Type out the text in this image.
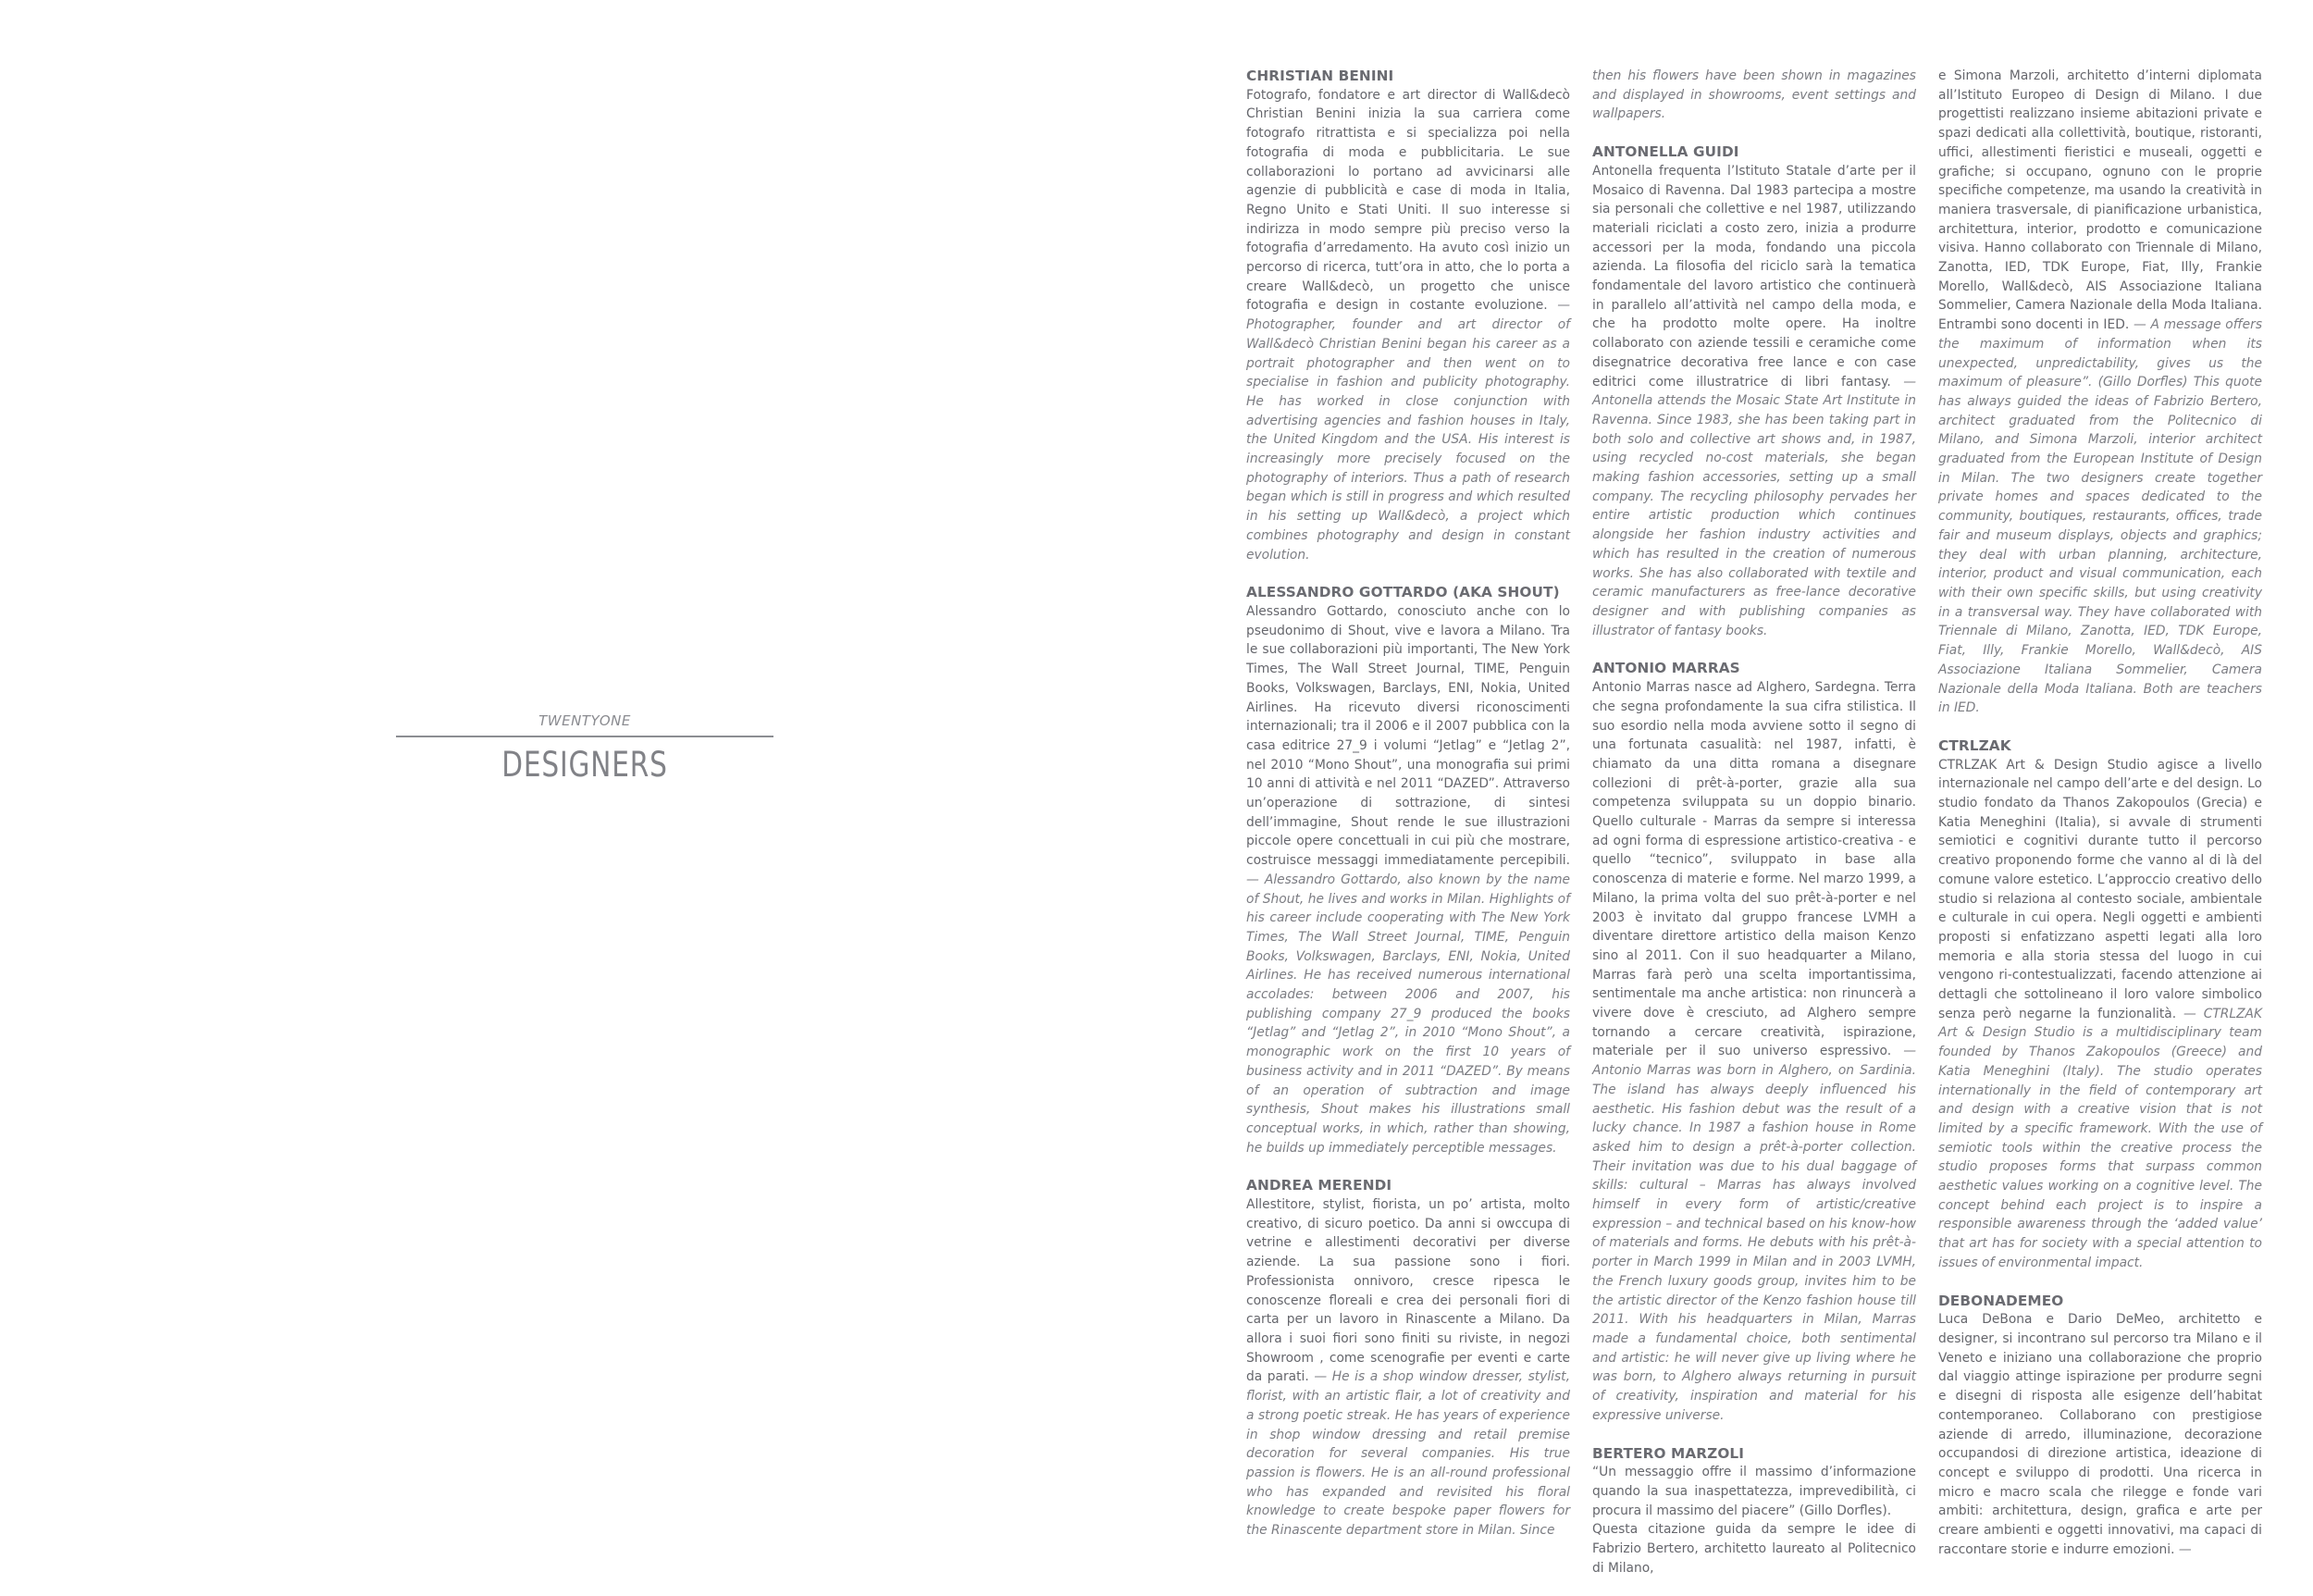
TWENTYONE
DESIGNERS
CHRISTIAN BENINI

Fotografo, fondatore e art director di Wall&decò Christian Benini inizia la sua carriera come fotografo ritrattista e si specializza poi nella fotografia di moda e pubblicitaria. Le sue collaborazioni lo portano ad avvicinarsi alle agenzie di pubblicità e case di moda in Italia, Regno Unito e Stati Uniti. Il suo interesse si indirizza in modo sempre più preciso verso la fotografia d’arredamento. Ha avuto così inizio un percorso di ricerca, tutt’ora in atto, che lo porta a creare Wall&decò, un progetto che unisce fotografia e design in costante evoluzione. — Photographer, founder and art director of Wall&decò Christian Benini began his career as a portrait photographer and then went on to specialise in fashion and publicity photography. He has worked in close conjunction with advertising agencies and fashion houses in Italy, the United Kingdom and the USA. His interest is increasingly more precisely focused on the photography of interiors. Thus a path of research began which is still in progress and which resulted in his setting up Wall&decò, a project which combines photography and design in constant evolution.

ALESSANDRO GOTTARDO (AKA SHOUT)

Alessandro Gottardo, conosciuto anche con lo pseudonimo di Shout, vive e lavora a Milano. Tra le sue collaborazioni più importanti, The New York Times, The Wall Street Journal, TIME, Penguin Books, Volkswagen, Barclays, ENI, Nokia, United Airlines. Ha ricevuto diversi riconoscimenti internazionali; tra il 2006 e il 2007 pubblica con la casa editrice 27_9 i volumi “Jetlag” e “Jetlag 2”, nel 2010 “Mono Shout”, una monografia sui primi 10 anni di attività e nel 2011 “DAZED”. Attraverso un’operazione di sottrazione, di sintesi dell’immagine, Shout rende le sue illustrazioni piccole opere concettuali in cui più che mostrare, costruisce messaggi immediatamente percepibili. — Alessandro Gottardo, also known by the name of Shout, he lives and works in Milan. Highlights of his career include cooperating with The New York Times, The Wall Street Journal, TIME, Penguin Books, Volkswagen, Barclays, ENI, Nokia, United Airlines. He has received numerous international accolades: between 2006 and 2007, his publishing company 27_9 produced the books “Jetlag” and “Jetlag 2”, in 2010 “Mono Shout”, a monographic work on the first 10 years of business activity and in 2011 “DAZED”. By means of an operation of subtraction and image synthesis, Shout makes his illustrations small conceptual works, in which, rather than showing, he builds up immediately perceptible messages.

ANDREA MERENDI

Allestitore, stylist, fiorista, un po’ artista, molto creativo, di sicuro poetico. Da anni si owccupa di vetrine e allestimenti decorativi per diverse aziende. La sua passione sono i fiori. Professionista onnivoro, cresce ripesca le conoscenze floreali e crea dei personali fiori di carta per un lavoro in Rinascente a Milano. Da allora i suoi fiori sono finiti su riviste, in negozi Showroom , come scenografie per eventi e carte da parati. — He is a shop window dresser, stylist, florist, with an artistic flair, a lot of creativity and a strong poetic streak. He has years of experience in shop window dressing and retail premise decoration for several companies. His true passion is flowers. He is an all-round professional who has expanded and revisited his floral knowledge to create bespoke paper flowers for the Rinascente department store in Milan. Since

then his flowers have been shown in magazines and displayed in showrooms, event settings and wallpapers.

ANTONELLA GUIDI

Antonella frequenta l’Istituto Statale d’arte per il Mosaico di Ravenna. Dal 1983 partecipa a mostre sia personali che collettive e nel 1987, utilizzando materiali riciclati a costo zero, inizia a produrre accessori per la moda, fondando una piccola azienda. La filosofia del riciclo sarà la tematica fondamentale del lavoro artistico che continuerà in parallelo all’attività nel campo della moda, e che ha prodotto molte opere. Ha inoltre collaborato con aziende tessili e ceramiche come disegnatrice decorativa free lance e con case editrici come illustratrice di libri fantasy. — Antonella attends the Mosaic State Art Institute in Ravenna. Since 1983, she has been taking part in both solo and collective art shows and, in 1987, using recycled no-cost materials, she began making fashion accessories, setting up a small company. The recycling philosophy pervades her entire artistic production which continues alongside her fashion industry activities and which has resulted in the creation of numerous works. She has also collaborated with textile and ceramic manufacturers as free-lance decorative designer and with publishing companies as illustrator of fantasy books.

ANTONIO MARRAS

Antonio Marras nasce ad Alghero, Sardegna. Terra che segna profondamente la sua cifra stilistica. Il suo esordio nella moda avviene sotto il segno di una fortunata casualità: nel 1987, infatti, è chiamato da una ditta romana a disegnare collezioni di prêt-à-porter, grazie alla sua competenza sviluppata su un doppio binario. Quello culturale - Marras da sempre si interessa ad ogni forma di espressione artistico-creativa - e quello “tecnico”, sviluppato in base alla conoscenza di materie e forme. Nel marzo 1999, a Milano, la prima volta del suo prêt-à-porter e nel 2003 è invitato dal gruppo francese LVMH a diventare direttore artistico della maison Kenzo sino al 2011. Con il suo headquarter a Milano, Marras farà però una scelta importantissima, sentimentale ma anche artistica: non rinuncerà a vivere dove è cresciuto, ad Alghero sempre tornando a cercare creatività, ispirazione, materiale per il suo universo espressivo. — Antonio Marras was born in Alghero, on Sardinia. The island has always deeply influenced his aesthetic. His fashion debut was the result of a lucky chance. In 1987 a fashion house in Rome asked him to design a prêt-à-porter collection. Their invitation was due to his dual baggage of skills: cultural – Marras has always involved himself in every form of artistic/creative expression – and technical based on his know-how of materials and forms. He debuts with his prêt-à-porter in March 1999 in Milan and in 2003 LVMH, the French luxury goods group, invites him to be the artistic director of the Kenzo fashion house till 2011. With his headquarters in Milan, Marras made a fundamental choice, both sentimental and artistic: he will never give up living where he was born, to Alghero always returning in pursuit of creativity, inspiration and material for his expressive universe.

BERTERO MARZOLI

“Un messaggio offre il massimo d’informazione quando la sua inaspettatezza, imprevedibilità, ci procura il massimo del piacere” (Gillo Dorfles).

Questa citazione guida da sempre le idee di Fabrizio Bertero, architetto laureato al Politecnico di Milano,

e Simona Marzoli, architetto d’interni diplomata all’Istituto Europeo di Design di Milano. I due progettisti realizzano insieme abitazioni private e spazi dedicati alla collettività, boutique, ristoranti, uffici, allestimenti fieristici e museali, oggetti e grafiche; si occupano, ognuno con le proprie specifiche competenze, ma usando la creatività in maniera trasversale, di pianificazione urbanistica, architettura, interior, prodotto e comunicazione visiva. Hanno collaborato con Triennale di Milano, Zanotta, IED, TDK Europe, Fiat, Illy, Frankie Morello, Wall&decò, AIS Associazione Italiana Sommelier, Camera Nazionale della Moda Italiana. Entrambi sono docenti in IED. — A message offers the maximum of information when its unexpected, unpredictability, gives us the maximum of pleasure”. (Gillo Dorfles) This quote has always guided the ideas of Fabrizio Bertero, architect graduated from the Politecnico di Milano, and Simona Marzoli, interior architect graduated from the European Institute of Design in Milan. The two designers create together private homes and spaces dedicated to the community, boutiques, restaurants, offices, trade fair and museum displays, objects and graphics; they deal with urban planning, architecture, interior, product and visual communication, each with their own specific skills, but using creativity in a transversal way. They have collaborated with Triennale di Milano, Zanotta, IED, TDK Europe, Fiat, Illy, Frankie Morello, Wall&decò, AIS Associazione Italiana Sommelier, Camera Nazionale della Moda Italiana. Both are teachers in IED.

CTRLZAK

CTRLZAK Art & Design Studio agisce a livello internazionale nel campo dell’arte e del design. Lo studio fondato da Thanos Zakopoulos (Grecia) e Katia Meneghini (Italia), si avvale di strumenti semiotici e cognitivi durante tutto il percorso creativo proponendo forme che vanno al di là del comune valore estetico. L’approccio creativo dello studio si relaziona al contesto sociale, ambientale e culturale in cui opera. Negli oggetti e ambienti proposti si enfatizzano aspetti legati alla loro memoria e alla storia stessa del luogo in cui vengono ri-contestualizzati, facendo attenzione ai dettagli che sottolineano il loro valore simbolico senza però negarne la funzionalità. — CTRLZAK Art & Design Studio is a multidisciplinary team founded by Thanos Zakopoulos (Greece) and Katia Meneghini (Italy). The studio operates internationally in the field of contemporary art and design with a creative vision that is not limited by a specific framework. With the use of semiotic tools within the creative process the studio proposes forms that surpass common aesthetic values working on a cognitive level. The concept behind each project is to inspire a responsible awareness through the ‘added value’ that art has for society with a special attention to issues of environmental impact.

DEBONADEMEO

Luca DeBona e Dario DeMeo, architetto e designer, si incontrano sul percorso tra Milano e il Veneto e iniziano una collaborazione che proprio dal viaggio attinge ispirazione per produrre segni e disegni di risposta alle esigenze dell’habitat contemporaneo. Collaborano con prestigiose aziende di arredo, illuminazione, decorazione occupandosi di direzione artistica, ideazione di concept e sviluppo di prodotti. Una ricerca in micro e macro scala che rilegge e fonde vari ambiti: architettura, design, grafica e arte per creare ambienti e oggetti innovativi, ma capaci di raccontare storie e indurre emozioni. —
